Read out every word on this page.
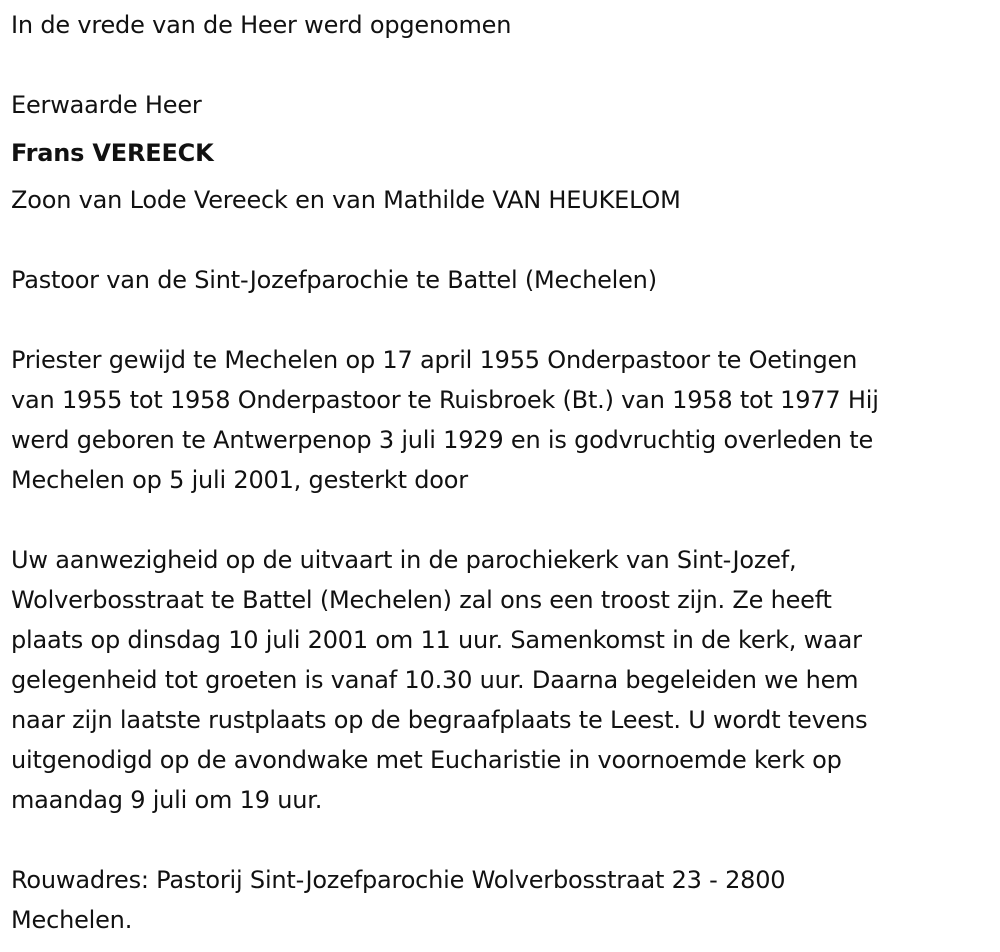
In de vrede van de Heer werd opgenomen
Eerwaarde Heer
Frans VEREECK
Zoon van Lode Vereeck en van Mathilde VAN HEUKELOM
Pastoor van de Sint-Jozefparochie te Battel (Mechelen)
Priester gewijd te Mechelen op 17 april 1955 Onderpastoor te Oetingen
van 1955 tot 1958 Onderpastoor te Ruisbroek (Bt.) van 1958 tot 1977 Hij
werd geboren te Antwerpenop 3 juli 1929 en is godvruchtig overleden te
Mechelen op 5 juli 2001, gesterkt door
Uw aanwezigheid op de uitvaart in de parochiekerk van Sint-Jozef,
Wolverbosstraat te Battel (Mechelen) zal ons een troost zijn. Ze heeft
plaats op dinsdag 10 juli 2001 om 11 uur. Samenkomst in de kerk, waar
gelegenheid tot groeten is vanaf 10.30 uur. Daarna begeleiden we hem
naar zijn laatste rustplaats op de begraafplaats te Leest. U wordt tevens
uitgenodigd op de avondwake met Eucharistie in voornoemde kerk op
maandag 9 juli om 19 uur.
Rouwadres: Pastorij Sint-Jozefparochie Wolverbosstraat 23 - 2800
Mechelen.
